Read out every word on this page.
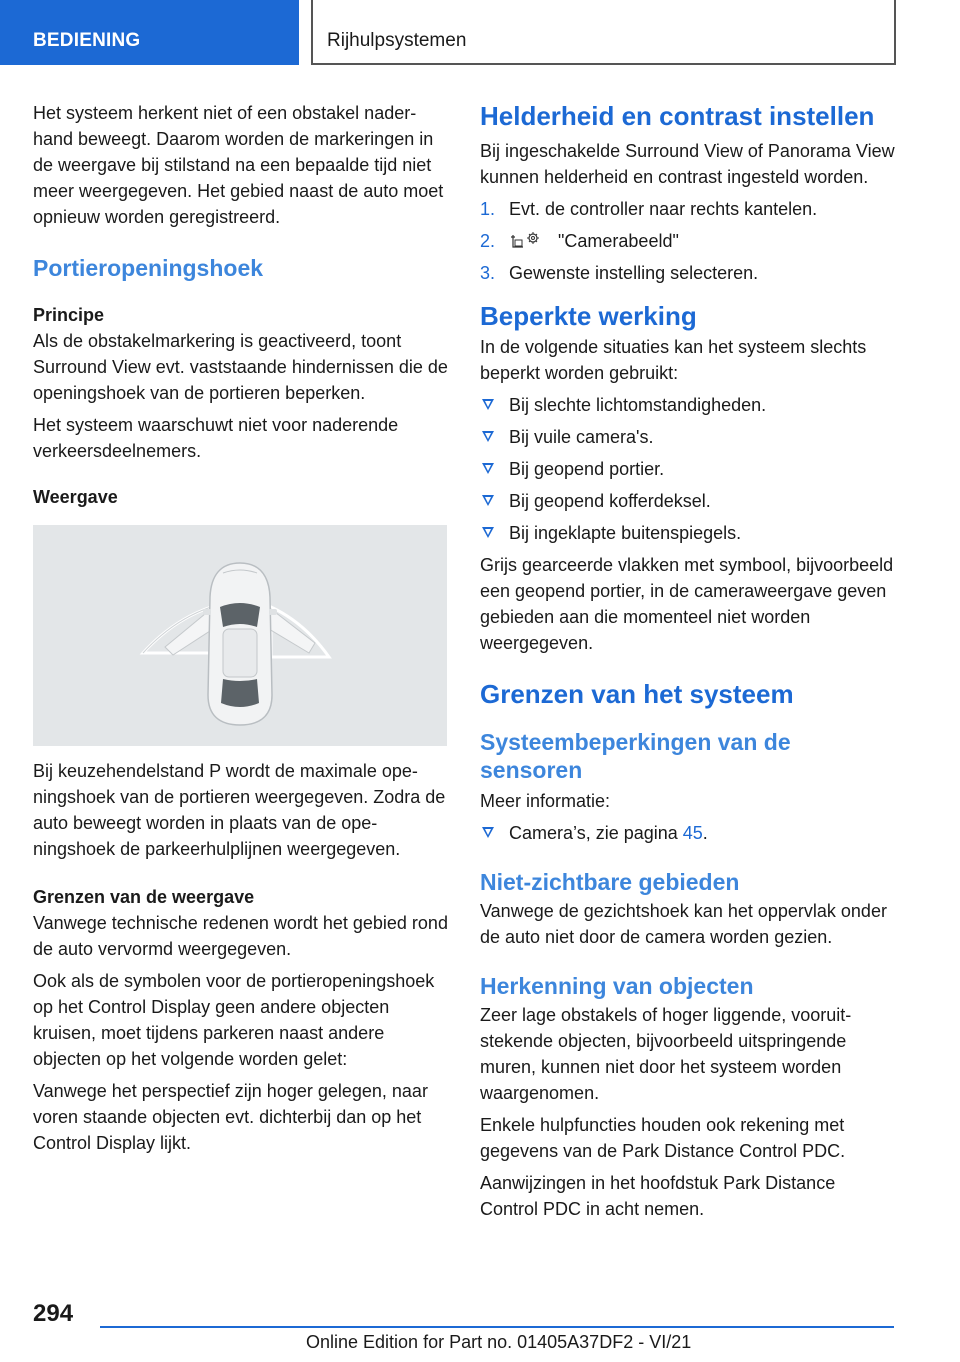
BEDIENING	Rijhulpsystemen

Het systeem herkent niet of een obstakel naderhand beweegt. Daarom worden de markeringen in de weergave bij stilstand na een bepaalde tijd niet meer weergegeven. Het gebied naast de auto moet opnieuw worden geregistreerd.

Portieropeningshoek
Principe

Als de obstakelmarkering is geactiveerd, toont Surround View evt. vaststaande hindernissen die de openingshoek van de portieren beperken.

Het systeem waarschuwt niet voor naderende verkeersdeelnemers.

Weergave

Bij keuzehendelstand P wordt de maximale openingshoek van de portieren weergegeven. Zodra de auto beweegt worden in plaats van de openingshoek de parkeerhulplijnen weergegeven.

Grenzen van de weergave

Vanwege technische redenen wordt het gebied rond de auto vervormd weergegeven.

Ook als de symbolen voor de portieropeningshoek op het Control Display geen andere objecten kruisen, moet tijdens parkeren naast andere objecten op het volgende worden gelet:

Vanwege het perspectief zijn hoger gelegen, naar voren staande objecten evt. dichterbij dan op het Control Display lijkt.

Helderheid en contrast instellen

Bij ingeschakelde Surround View of Panorama View kunnen helderheid en contrast ingesteld worden.

1. Evt. de controller naar rechts kantelen.
2.	"Camerabeeld"
3. Gewenste instelling selecteren.
Beperkte werking

In de volgende situaties kan het systeem slechts beperkt worden gebruikt:

Bij slechte lichtomstandigheden.
Bij vuile camera's.
Bij geopend portier.
Bij geopend kofferdeksel.
Bij ingeklapte buitenspiegels.

Grijs gearceerde vlakken met symbool, bijvoorbeeld een geopend portier, in de cameraweergave geven gebieden aan die momenteel niet worden weergegeven.

Grenzen van het systeem
Systeembeperkingen van de sensoren

Meer informatie:

Camera’s, zie pagina 45.
Niet-zichtbare gebieden

Vanwege de gezichtshoek kan het oppervlak onder de auto niet door de camera worden gezien.

Herkenning van objecten

Zeer lage obstakels of hoger liggende, vooruitstekende objecten, bijvoorbeeld uitspringende muren, kunnen niet door het systeem worden waargenomen.

Enkele hulpfuncties houden ook rekening met gegevens van de Park Distance Control PDC.

Aanwijzingen in het hoofdstuk Park Distance Control PDC in acht nemen.

294
Online Edition for Part no. 01405A37DF2 - VI/21
